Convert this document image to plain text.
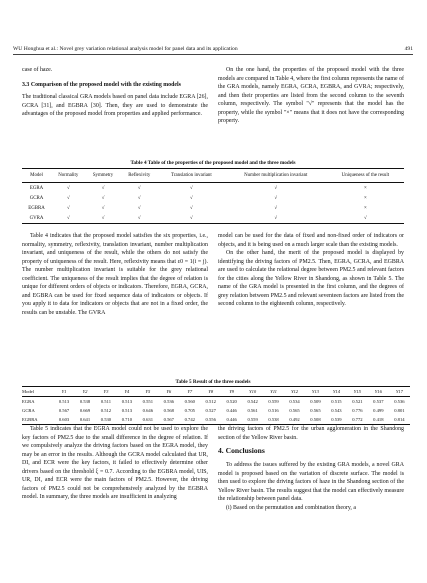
WU Honghua et al.: Novel grey variation relational analysis model for panel data and its application	491

case of haze.

3.3 Comparison of the proposed model with the existing models

The traditional classical GRA models based on panel data include EGRA [26], GCRA [31], and EGBRA [30]. Then, they are used to demonstrate the advantages of the proposed model from properties and applied performance.

On the one hand, the properties of the proposed model with the three models are compared in Table 4, where the first column represents the name of the GRA models, namely EGRA, GCRA, EGBRA, and GVRA; respectively, and then their properties are listed from the second column to the seventh column, respectively. The symbol "√" represents that the model has the property, while the symbol "×" means that it does not have the corresponding property.

Table 4 Table of the properties of the proposed model and the three models
Model	Normality	Symmetry	Reflexivity	Translation invariant	Number multiplication invariant	Uniqueness of the result
EGRA	√	√	√	√	√	×
GCRA	√	√	√	√	√	×
EGBRA	√	√	√	√	√	×
GVRA	√	√	√	√	√	√

Table 4 indicates that the proposed model satisfies the six properties, i.e., normality, symmetry, reflexivity, translation invariant, number multiplication invariant, and uniqueness of the result, while the others do not satisfy the property of uniqueness of the result. Here, reflexivity means that ε0 = 1(i = j). The number multiplication invariant is suitable for the grey relational coefficient. The uniqueness of the result implies that the degree of relation is unique for different orders of objects or indicators. Therefore, EGRA, GCRA, and EGBRA can be used for fixed sequence data of indicators or objects. If you apply it to data for indicators or objects that are not in a fixed order, the results can be unstable. The GVRA

model can be used for the data of fixed and non-fixed order of indicators or objects, and it is being used on a much larger scale than the existing models.

On the other hand, the merit of the proposed model is displayed by identifying the driving factors of PM2.5. Then, EGRA, GCRA, and EGBRA are used to calculate the relational degree between PM2.5 and relevant factors for the cities along the Yellow River in Shandong, as shown in Table 5. The name of the GRA model is presented in the first column, and the degrees of grey relation between PM2.5 and relevant seventeen factors are listed from the second column to the eighteenth column, respectively.

Table 5 Result of the three models
Model	Y1	Y2	Y3	Y4	Y5	Y6	Y7	Y8	Y9	Y10	Y11	Y12	Y13	Y14	Y15	Y16	Y17
EGRA	0.513	0.538	0.511	0.513	0.551	0.536	0.560	0.512	0.520	0.542	0.559	0.534	0.509	0.515	0.521	0.537	0.536
GCRA	0.567	0.669	0.512	0.513	0.646	0.568	0.705	0.527	0.446	0.561	0.516	0.565	0.565	0.543	0.776	0.499	0.801
EGBRA	0.603	0.641	0.530	0.710	0.631	0.567	0.742	0.556	0.446	0.559	0.538	0.492	0.508	0.539	0.772	0.418	0.814

Table 5 indicates that the EGRA model could not be used to explore the key factors of PM2.5 due to the small difference in the degree of relation. If we compulsively analyze the driving factors based on the EGRA model, they may be an error in the results. Although the GCRA model calculated that UR, DI, and ECR were the key factors, it failed to effectively determine other drivers based on the threshold ξ = 0.7. According to the EGBRA model, UIS, UR, DI, and ECR were the main factors of PM2.5. However, the driving factors of PM2.5 could not be comprehensively analyzed by the EGBRA model. In summary, the three models are insufficient in analyzing

the driving factors of PM2.5 for the urban agglomeration in the Shandong section of the Yellow River basin.

4. Conclusions

To address the issues suffered by the existing GRA models, a novel GRA model is proposed based on the variation of discrete surface. The model is then used to explore the driving factors of haze in the Shandong section of the Yellow River basin. The results suggest that the model can effectively measure the relationship between panel data.

(i) Based on the permutation and combination theory, a
